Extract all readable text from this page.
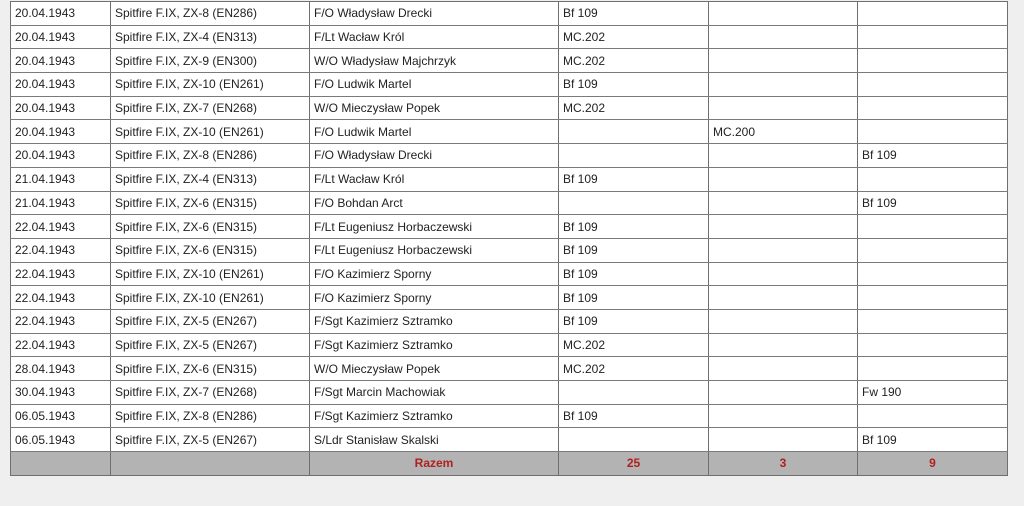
20.04.1943	Spitfire F.IX, ZX-8 (EN286)	F/O Władysław Drecki	Bf 109		
20.04.1943	Spitfire F.IX, ZX-4 (EN313)	F/Lt Wacław Król	MC.202		
20.04.1943	Spitfire F.IX, ZX-9 (EN300)	W/O Władysław Majchrzyk	MC.202		
20.04.1943	Spitfire F.IX, ZX-10 (EN261)	F/O Ludwik Martel	Bf 109		
20.04.1943	Spitfire F.IX, ZX-7 (EN268)	W/O Mieczysław Popek	MC.202		
20.04.1943	Spitfire F.IX, ZX-10 (EN261)	F/O Ludwik Martel		MC.200	
20.04.1943	Spitfire F.IX, ZX-8 (EN286)	F/O Władysław Drecki			Bf 109
21.04.1943	Spitfire F.IX, ZX-4 (EN313)	F/Lt Wacław Król	Bf 109		
21.04.1943	Spitfire F.IX, ZX-6 (EN315)	F/O Bohdan Arct			Bf 109
22.04.1943	Spitfire F.IX, ZX-6 (EN315)	F/Lt Eugeniusz Horbaczewski	Bf 109		
22.04.1943	Spitfire F.IX, ZX-6 (EN315)	F/Lt Eugeniusz Horbaczewski	Bf 109		
22.04.1943	Spitfire F.IX, ZX-10 (EN261)	F/O Kazimierz Sporny	Bf 109		
22.04.1943	Spitfire F.IX, ZX-10 (EN261)	F/O Kazimierz Sporny	Bf 109		
22.04.1943	Spitfire F.IX, ZX-5 (EN267)	F/Sgt Kazimierz Sztramko	Bf 109		
22.04.1943	Spitfire F.IX, ZX-5 (EN267)	F/Sgt Kazimierz Sztramko	MC.202		
28.04.1943	Spitfire F.IX, ZX-6 (EN315)	W/O Mieczysław Popek	MC.202		
30.04.1943	Spitfire F.IX, ZX-7 (EN268)	F/Sgt Marcin Machowiak			Fw 190
06.05.1943	Spitfire F.IX, ZX-8 (EN286)	F/Sgt Kazimierz Sztramko	Bf 109		
06.05.1943	Spitfire F.IX, ZX-5 (EN267)	S/Ldr Stanisław Skalski			Bf 109
		Razem	25	3	9
